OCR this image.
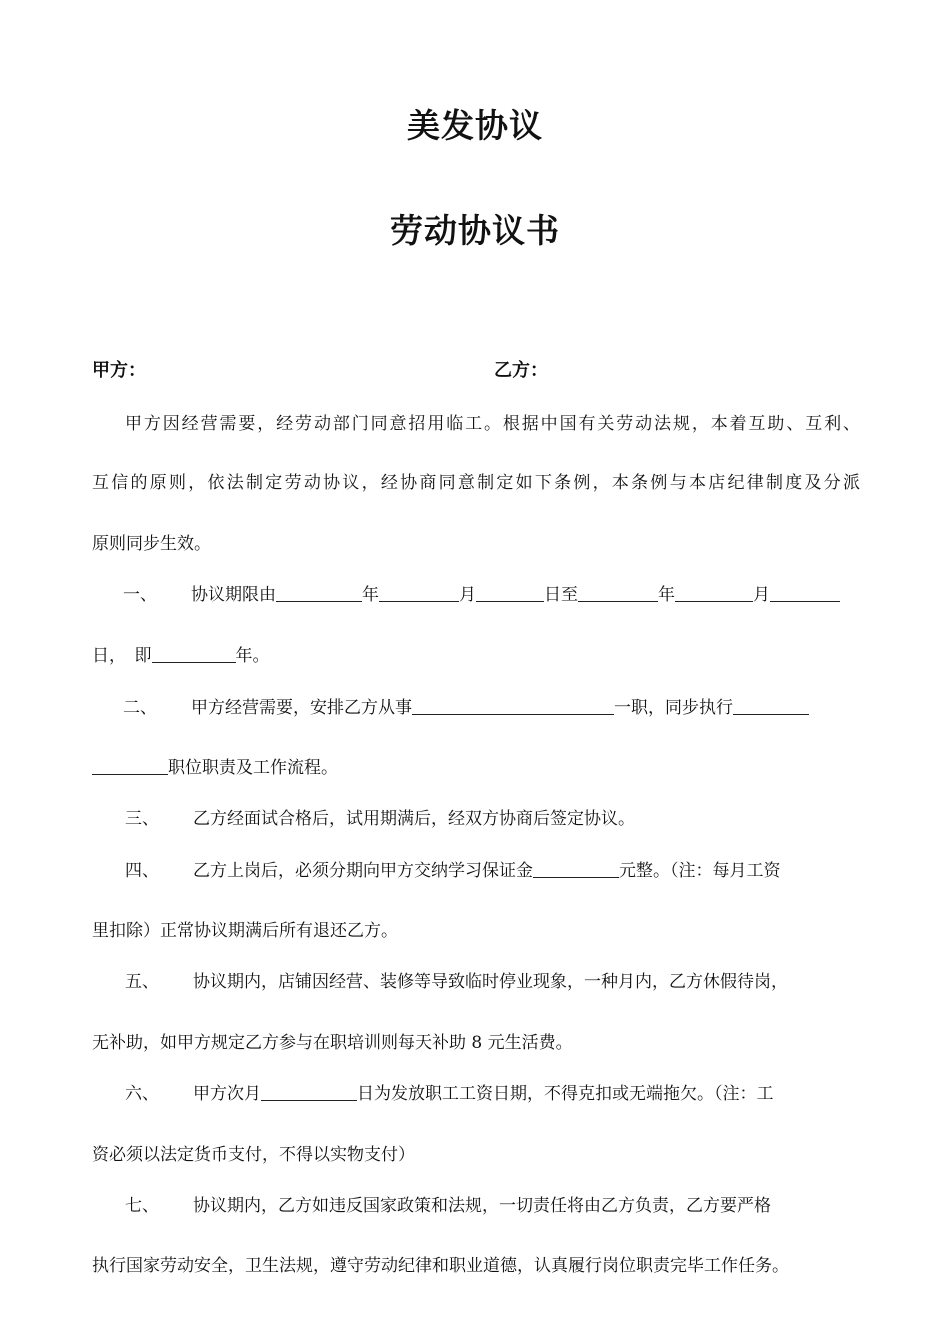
美发协议
劳动协议书
甲方：	乙方：
甲方因经营需要，经劳动部门同意招用临工。根据中国有关劳动法规，本着互助、互利、
互信的原则，依法制定劳动协议，经协商同意制定如下条例，本条例与本店纪律制度及分派
原则同步生效。
一、 协议期限由	年	月	日至	年	月
日，　即	年。
二、 甲方经营需要，安排乙方从事	一职，同步执行
职位职责及工作流程。
三、 乙方经面试合格后，试用期满后，经双方协商后签定协议。
四、 乙方上岗后，必须分期向甲方交纳学习保证金	元整。（注：每月工资
里扣除）正常协议期满后所有退还乙方。
五、 协议期内，店铺因经营、装修等导致临时停业现象，一种月内，乙方休假待岗，
无补助，如甲方规定乙方参与在职培训则每天补助 8 元生活费。
六、 甲方次月	日为发放职工工资日期，不得克扣或无端拖欠。（注：工
资必须以法定货币支付，不得以实物支付）
七、 协议期内，乙方如违反国家政策和法规，一切责任将由乙方负责，乙方要严格
执行国家劳动安全，卫生法规，遵守劳动纪律和职业道德，认真履行岗位职责完毕工作任务。
